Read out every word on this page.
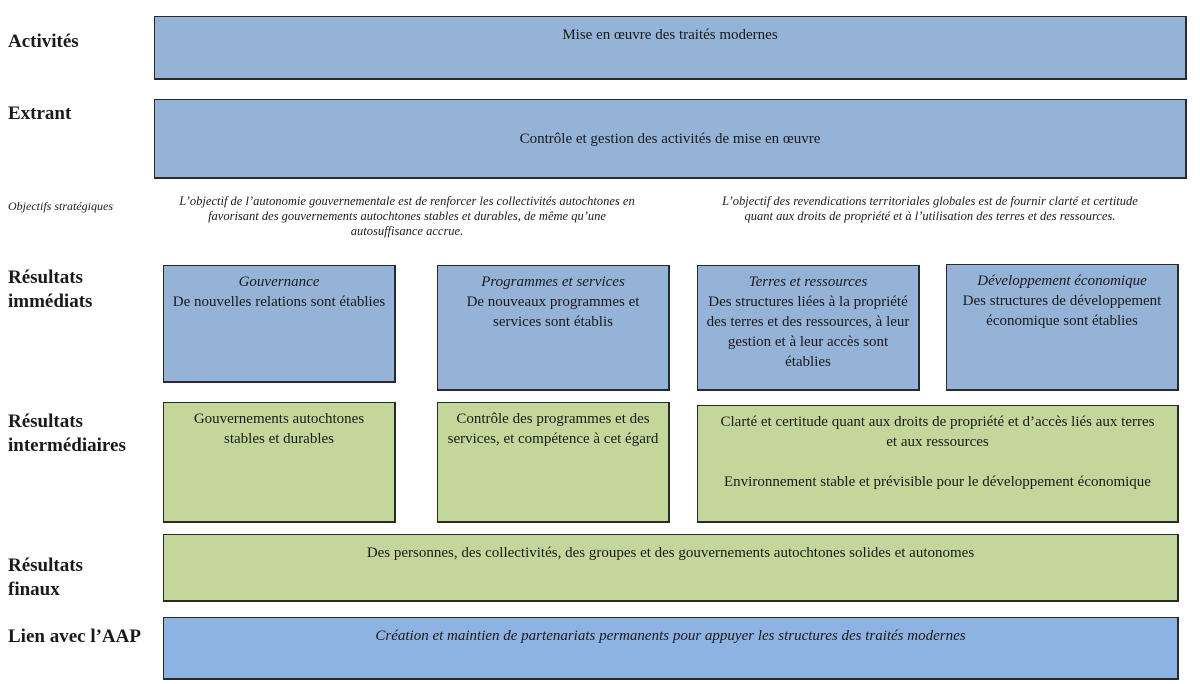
Activités
Extrant
Objectifs stratégiques
Résultats
immédiats
Résultats
intermédiaires
Résultats
finaux
Lien avec l’AAP
Mise en œuvre des traités modernes
Contrôle et gestion des activités de mise en œuvre
L’objectif de l’autonomie gouvernementale est de renforcer les collectivités autochtones en favorisant des gouvernements autochtones stables et durables, de même qu’une autosuffisance accrue.
L’objectif des revendications territoriales globales est de fournir clarté et certitude quant aux droits de propriété et à l’utilisation des terres et des ressources.
Gouvernance
De nouvelles relations sont établies
Programmes et services
De nouveaux programmes et services sont établis
Terres et ressources
Des structures liées à la propriété des terres et des ressources, à leur gestion et à leur accès sont établies
Développement économique
Des structures de développement économique sont établies
Gouvernements autochtones stables et durables
Contrôle des programmes et des services, et compétence à cet égard
Clarté et certitude quant aux droits de propriété et d’accès liés aux terres et aux ressources
Environnement stable et prévisible pour le développement économique
Des personnes, des collectivités, des groupes et des gouvernements autochtones solides et autonomes
Création et maintien de partenariats permanents pour appuyer les structures des traités modernes
